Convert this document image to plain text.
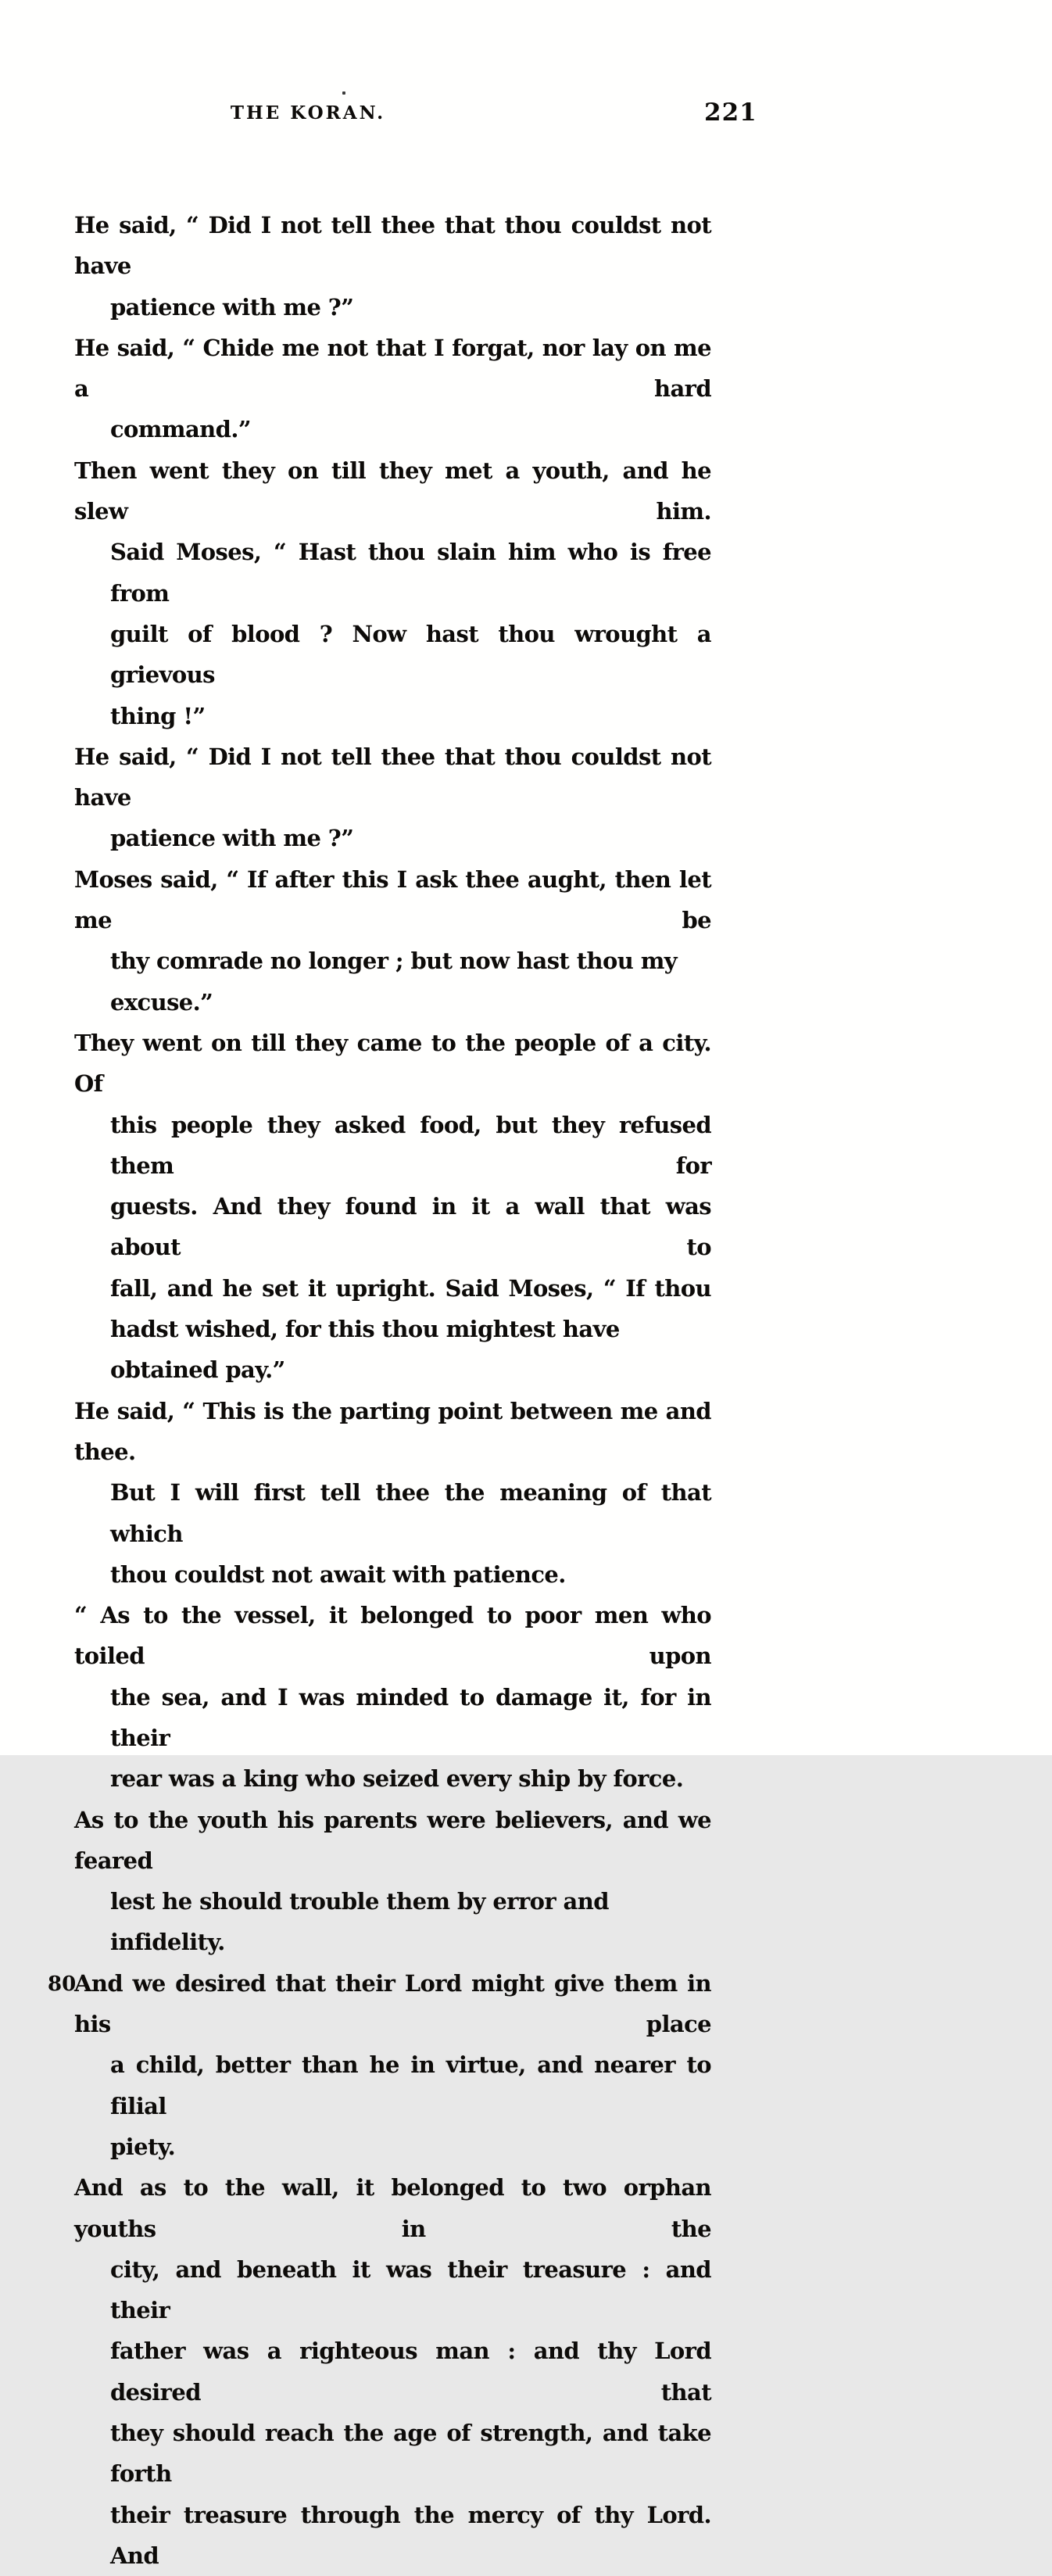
THE KORAN.	221
He said, “ Did I not tell thee that thou couldst not have
patience with me ?”
He said, “ Chide me not that I forgat, nor lay on me a hard
command.”
Then went they on till they met a youth, and he slew him.
Said Moses, “ Hast thou slain him who is free from
guilt of blood ? Now hast thou wrought a grievous
thing !”
He said, “ Did I not tell thee that thou couldst not have
patience with me ?”
Moses said, “ If after this I ask thee aught, then let me be
thy comrade no longer ; but now hast thou my excuse.”
They went on till they came to the people of a city. Of
this people they asked food, but they refused them for
guests. And they found in it a wall that was about to
fall, and he set it upright. Said Moses, “ If thou
hadst wished, for this thou mightest have obtained pay.”
He said, “ This is the parting point between me and thee.
But I will first tell thee the meaning of that which
thou couldst not await with patience.
“ As to the vessel, it belonged to poor men who toiled upon
the sea, and I was minded to damage it, for in their
rear was a king who seized every ship by force.
As to the youth his parents were believers, and we feared
lest he should trouble them by error and infidelity.
And we desired that their Lord might give them in his place
80
a child, better than he in virtue, and nearer to filial
piety.
And as to the wall, it belonged to two orphan youths in the
city, and beneath it was their treasure : and their
father was a righteous man : and thy Lord desired that
they should reach the age of strength, and take forth
their treasure through the mercy of thy Lord. And
